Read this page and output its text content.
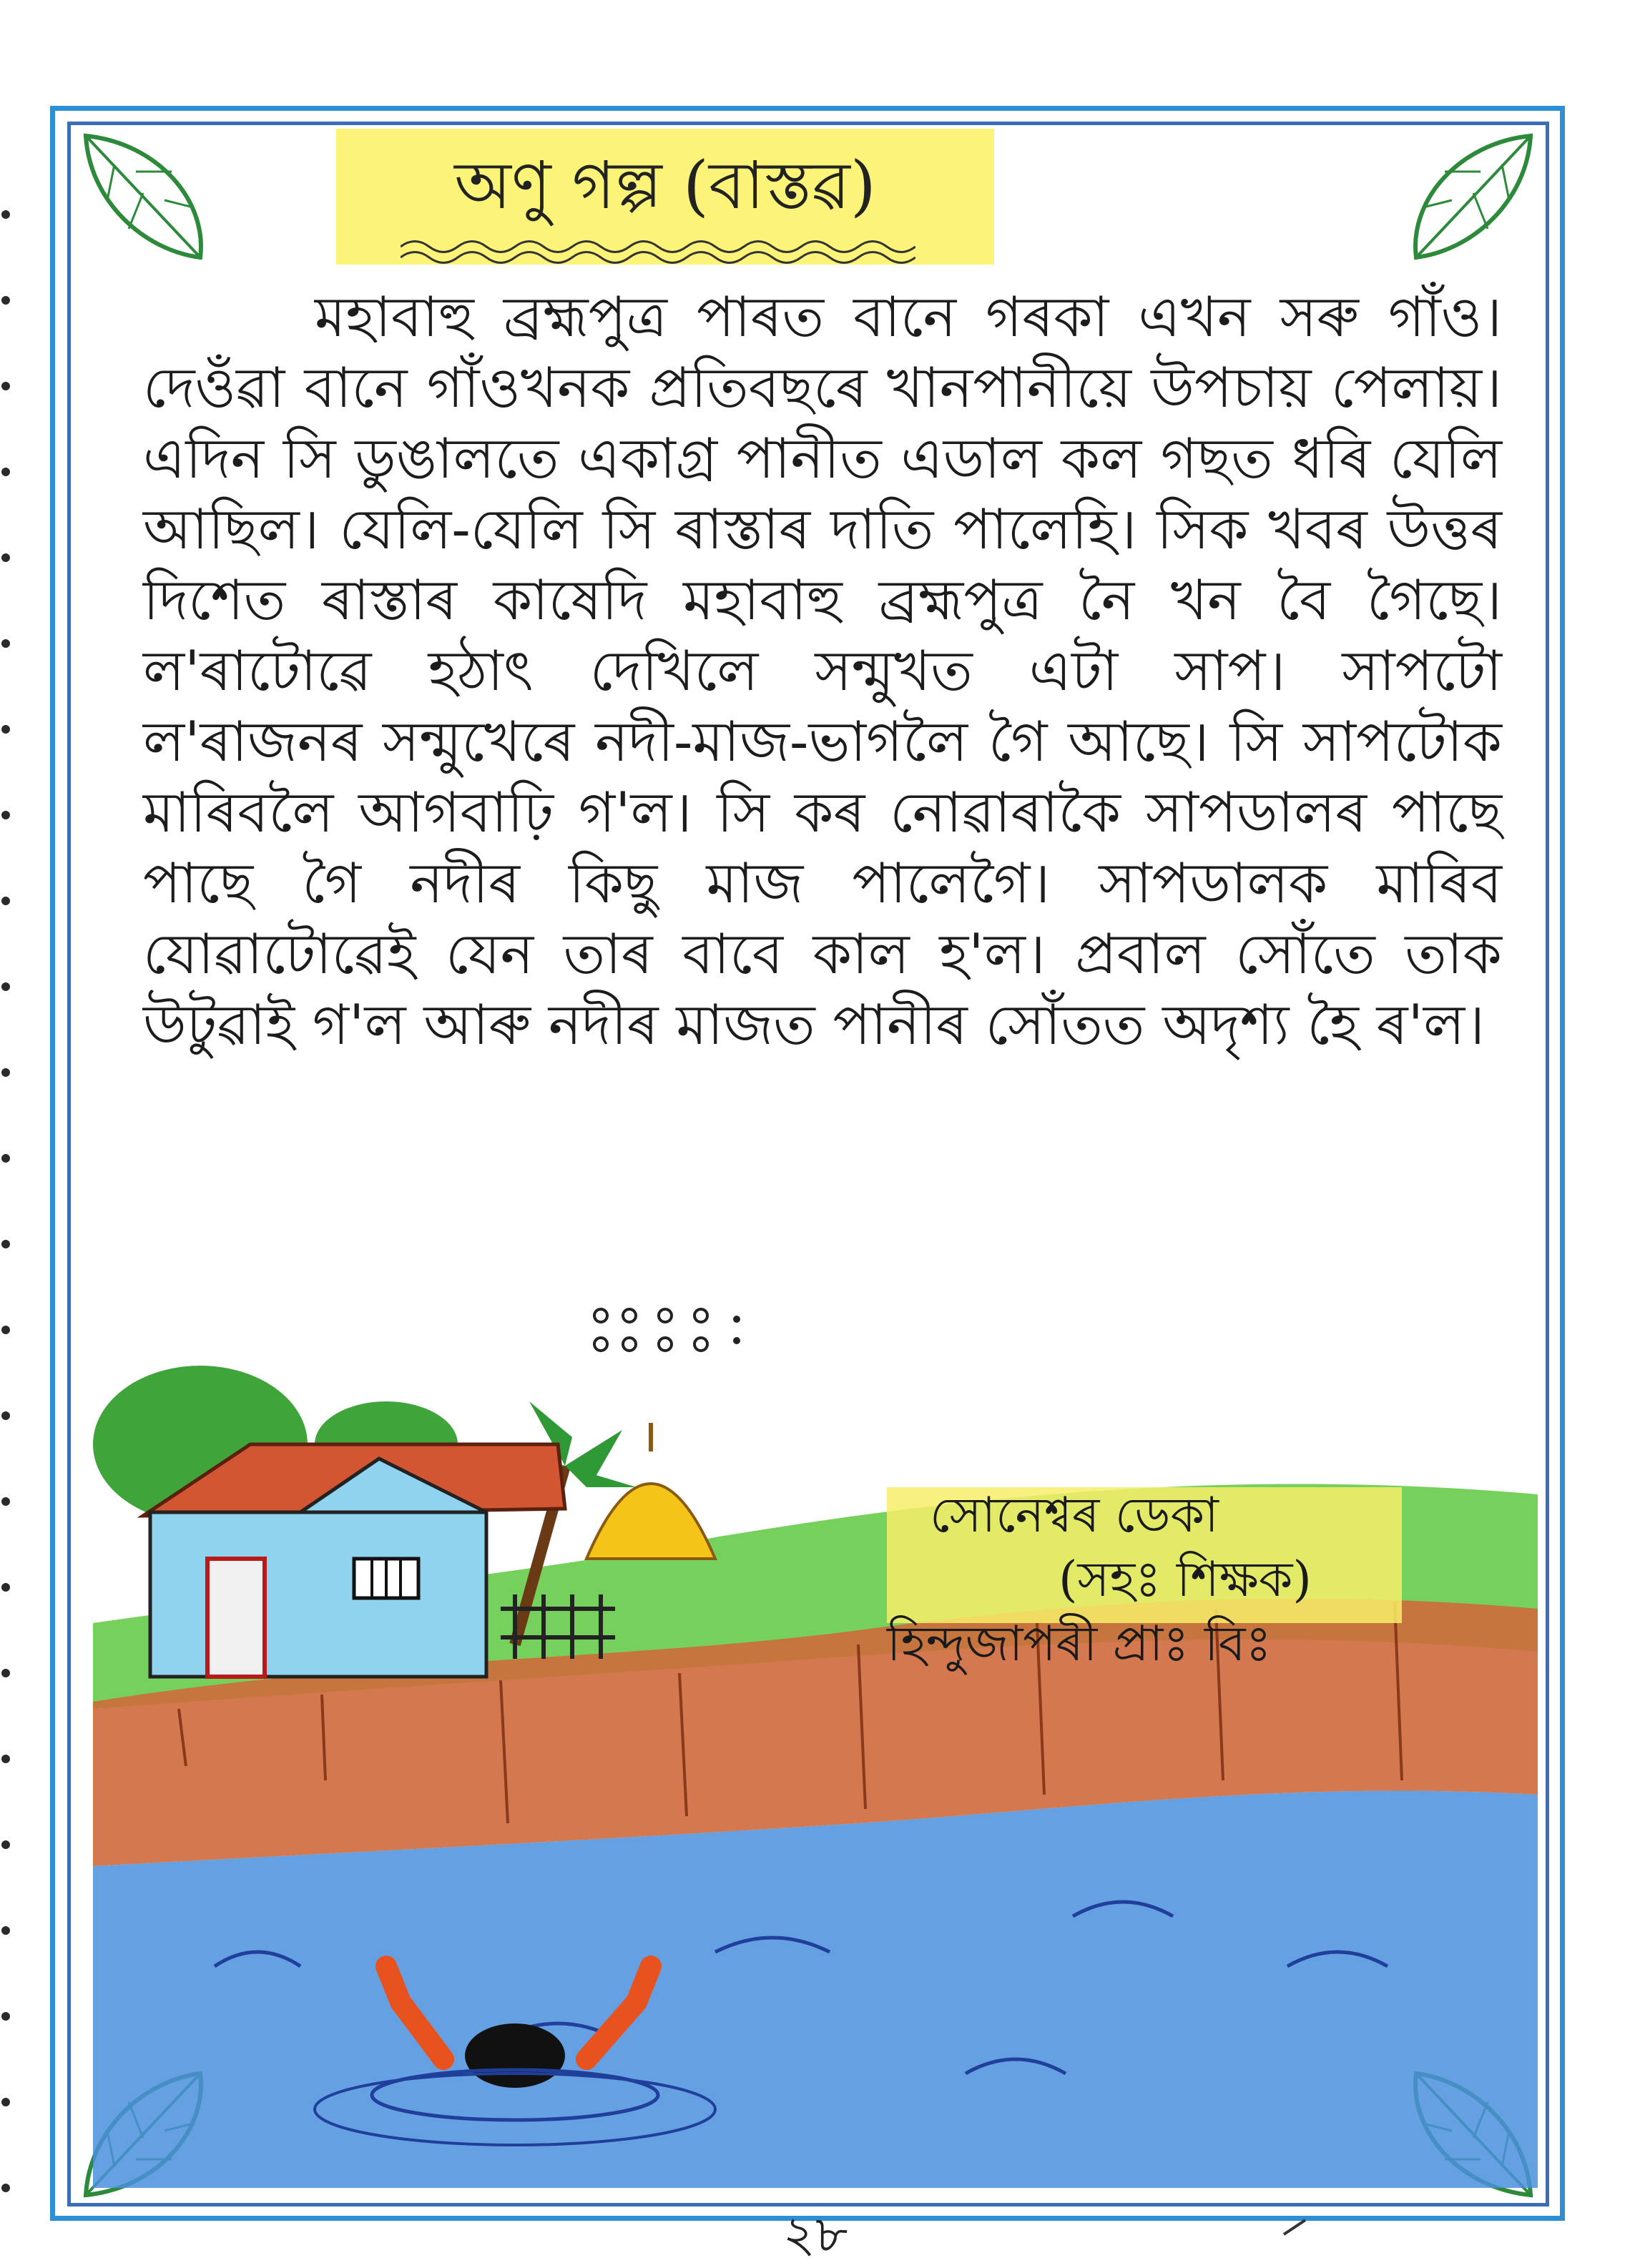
অণু গল্প (বাস্তৱ)
মহাবাহু ব্ৰহ্মপুত্ৰ পাৰত বানে গৰকা এখন সৰু গাঁও। দেওঁৱা বানে গাঁওখনক প্ৰতিবছৰে খানপানীয়ে উপচায় পেলায়। এদিন সি ডুঙালতে একাগ্ৰ পানীত এডাল কল গছত ধৰি যেলি আছিল। যেলি-যেলি সি ৰাস্তাৰ দাতি পালেহি। সিক খবৰ উত্তৰ দিশেত ৰাস্তাৰ কাষেদি মহাবাহু ব্ৰহ্মপুত্ৰ নৈ খন বৈ গৈছে। ল'ৰাটোৱে হঠাৎ দেখিলে সন্মুখত এটা সাপ। সাপটো ল'ৰাজনৰ সন্মুখেৰে নদী-মাজ-ভাগলৈ গৈ আছে। সি সাপটোক মাৰিবলৈ আগবাঢ়ি গ'ল। সি কৰ নোৱাৰাকৈ সাপডালৰ পাছে পাছে গৈ নদীৰ কিছু মাজ পালেগৈ। সাপডালক মাৰিব যোৱাটোৱেই যেন তাৰ বাবে কাল হ'ল। প্ৰবাল সোঁতে তাক উটুৱাই গ'ল আৰু নদীৰ মাজত পানীৰ সোঁতত অদৃশ্য হৈ ৰ'ল।
সোনেশ্বৰ ডেকা
(সহঃ শিক্ষক)
হিন্দুজাপৰী প্ৰাঃ বিঃ
২৮
